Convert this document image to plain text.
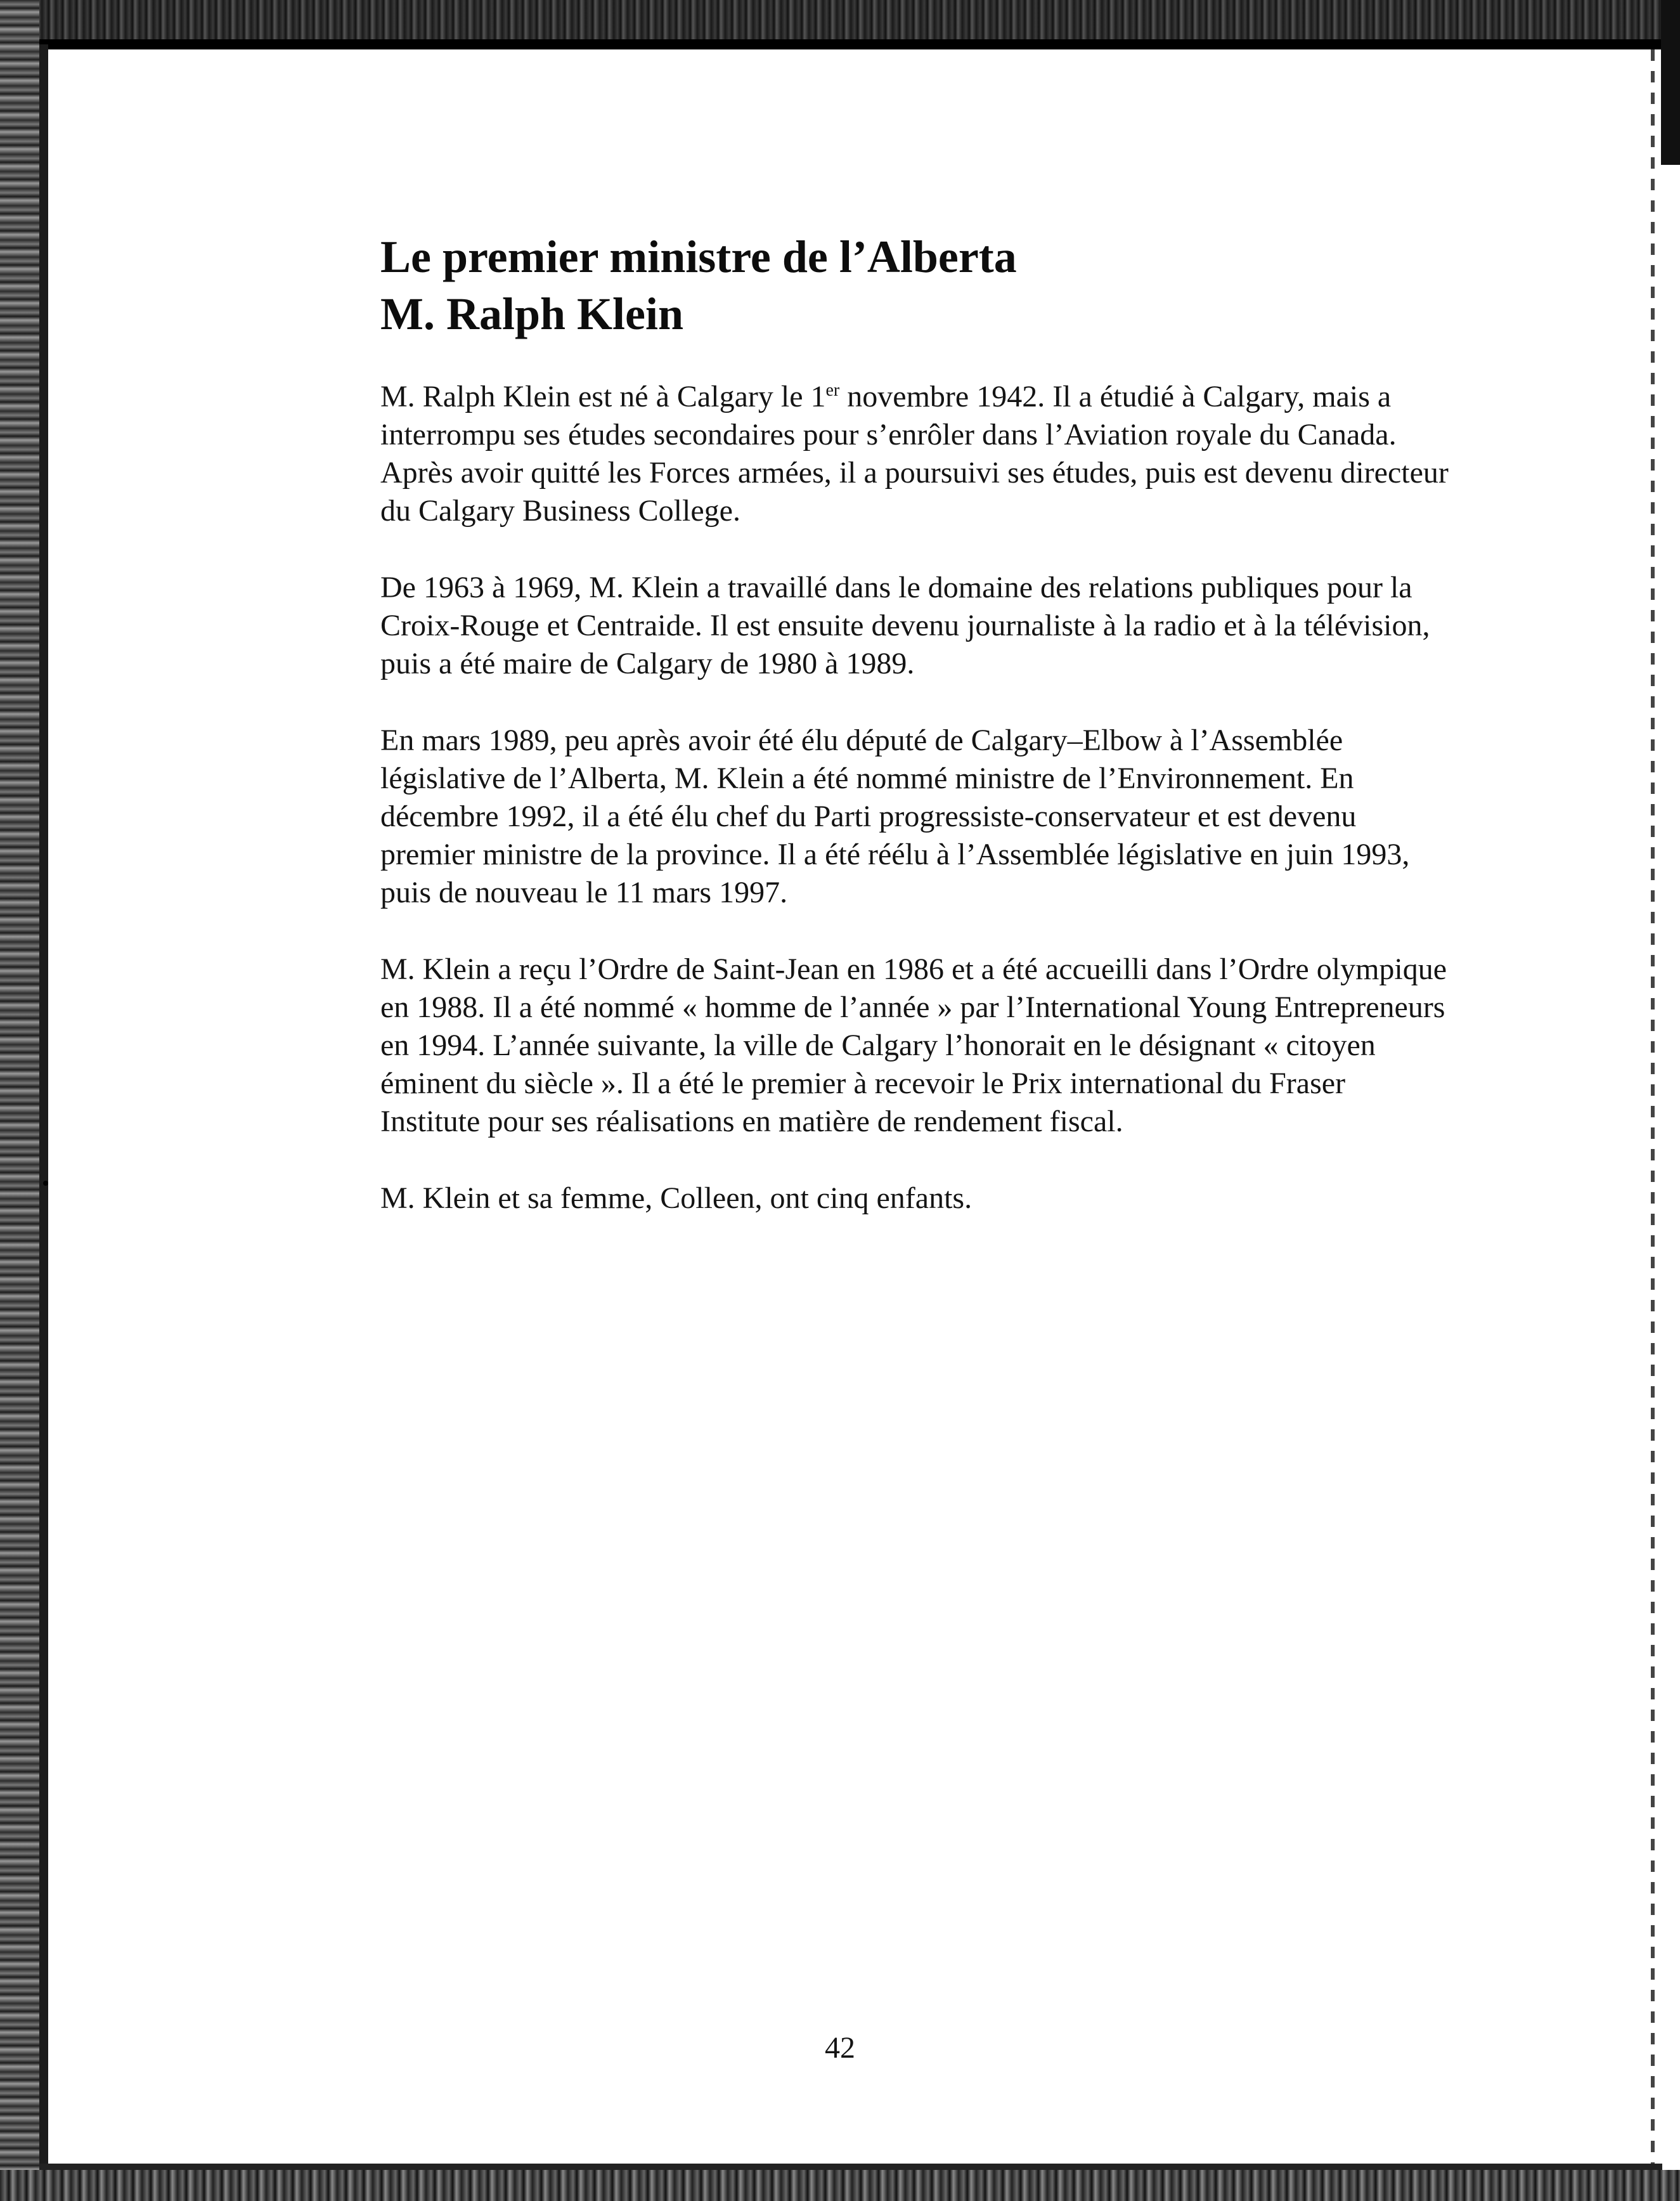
Le premier ministre de l’Alberta
M. Ralph Klein

M. Ralph Klein est né à Calgary le 1er novembre 1942. Il a étudié à Calgary, mais a interrompu ses études secondaires pour s’enrôler dans l’Aviation royale du Canada. Après avoir quitté les Forces armées, il a poursuivi ses études, puis est devenu directeur du Calgary Business College.

De 1963 à 1969, M. Klein a travaillé dans le domaine des relations publiques pour la Croix-Rouge et Centraide. Il est ensuite devenu journaliste à la radio et à la télévision, puis a été maire de Calgary de 1980 à 1989.

En mars 1989, peu après avoir été élu député de Calgary–Elbow à l’Assemblée législative de l’Alberta, M. Klein a été nommé ministre de l’Environnement. En décembre 1992, il a été élu chef du Parti progressiste-conservateur et est devenu premier ministre de la province. Il a été réélu à l’Assemblée législative en juin 1993, puis de nouveau le 11 mars 1997.

M. Klein a reçu l’Ordre de Saint-Jean en 1986 et a été accueilli dans l’Ordre olympique en 1988. Il a été nommé « homme de l’année » par l’International Young Entrepreneurs en 1994. L’année suivante, la ville de Calgary l’honorait en le désignant « citoyen éminent du siècle ». Il a été le premier à recevoir le Prix international du Fraser Institute pour ses réalisations en matière de rendement fiscal.

M. Klein et sa femme, Colleen, ont cinq enfants.

42
